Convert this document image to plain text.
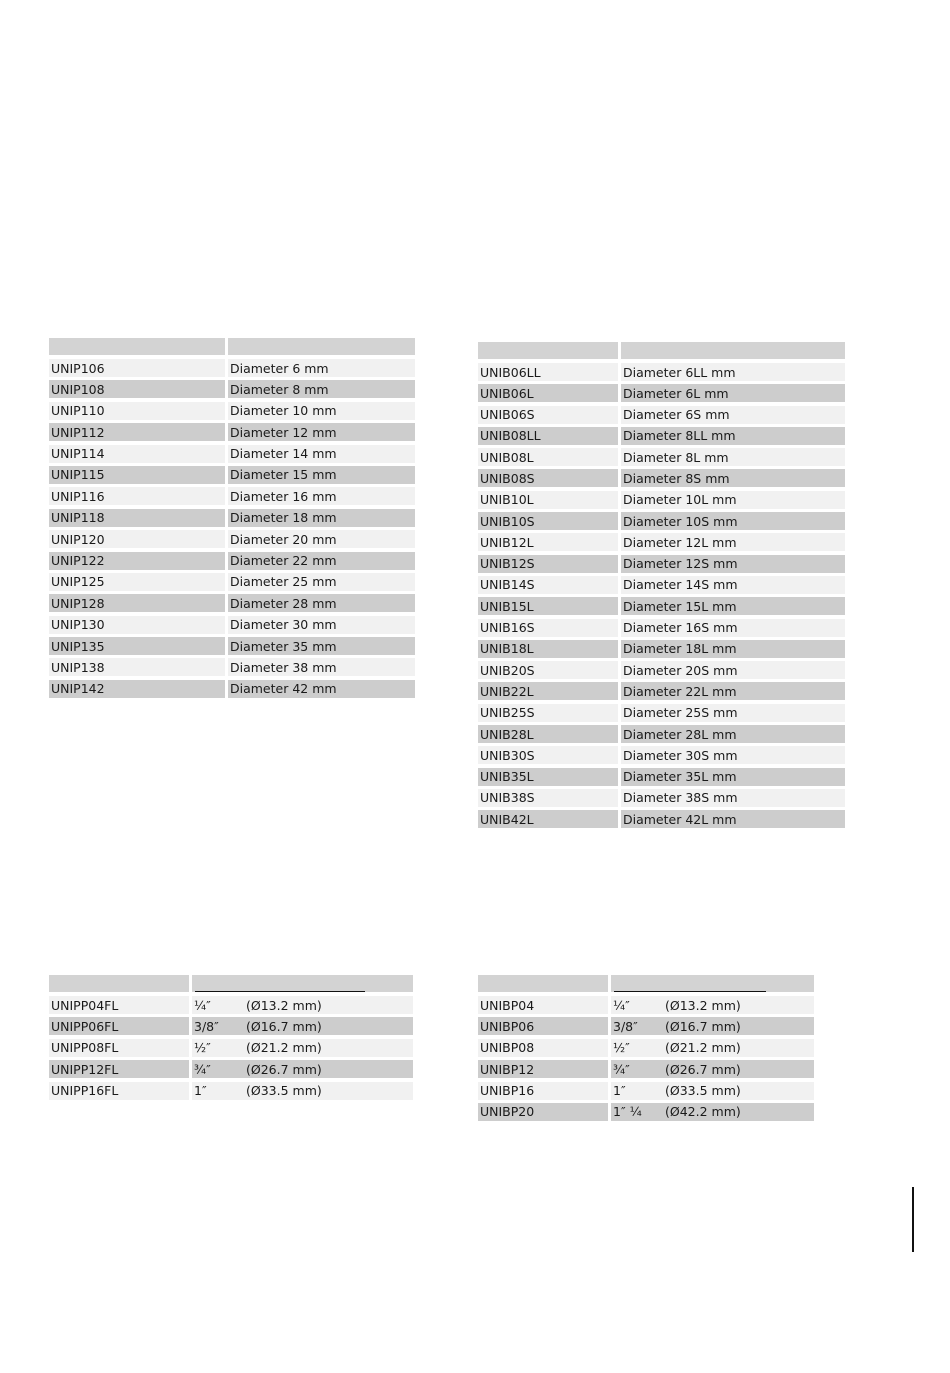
UNIP106	Diameter 6 mm
UNIP108	Diameter 8 mm
UNIP110	Diameter 10 mm
UNIP112	Diameter 12 mm
UNIP114	Diameter 14 mm
UNIP115	Diameter 15 mm
UNIP116	Diameter 16 mm
UNIP118	Diameter 18 mm
UNIP120	Diameter 20 mm
UNIP122	Diameter 22 mm
UNIP125	Diameter 25 mm
UNIP128	Diameter 28 mm
UNIP130	Diameter 30 mm
UNIP135	Diameter 35 mm
UNIP138	Diameter 38 mm
UNIP142	Diameter 42 mm
UNIB06LL	Diameter 6LL mm
UNIB06L	Diameter 6L mm
UNIB06S	Diameter 6S mm
UNIB08LL	Diameter 8LL mm
UNIB08L	Diameter 8L mm
UNIB08S	Diameter 8S mm
UNIB10L	Diameter 10L mm
UNIB10S	Diameter 10S mm
UNIB12L	Diameter 12L mm
UNIB12S	Diameter 12S mm
UNIB14S	Diameter 14S mm
UNIB15L	Diameter 15L mm
UNIB16S	Diameter 16S mm
UNIB18L	Diameter 18L mm
UNIB20S	Diameter 20S mm
UNIB22L	Diameter 22L mm
UNIB25S	Diameter 25S mm
UNIB28L	Diameter 28L mm
UNIB30S	Diameter 30S mm
UNIB35L	Diameter 35L mm
UNIB38S	Diameter 38S mm
UNIB42L	Diameter 42L mm
UNIPP04FL	¼″	(Ø13.2 mm)
UNIPP06FL	3/8″	(Ø16.7 mm)
UNIPP08FL	½″	(Ø21.2 mm)
UNIPP12FL	¾″	(Ø26.7 mm)
UNIPP16FL	1″	(Ø33.5 mm)
UNIBP04	¼″	(Ø13.2 mm)
UNIBP06	3/8″	(Ø16.7 mm)
UNIBP08	½″	(Ø21.2 mm)
UNIBP12	¾″	(Ø26.7 mm)
UNIBP16	1″	(Ø33.5 mm)
UNIBP20	1″ ¼	(Ø42.2 mm)
